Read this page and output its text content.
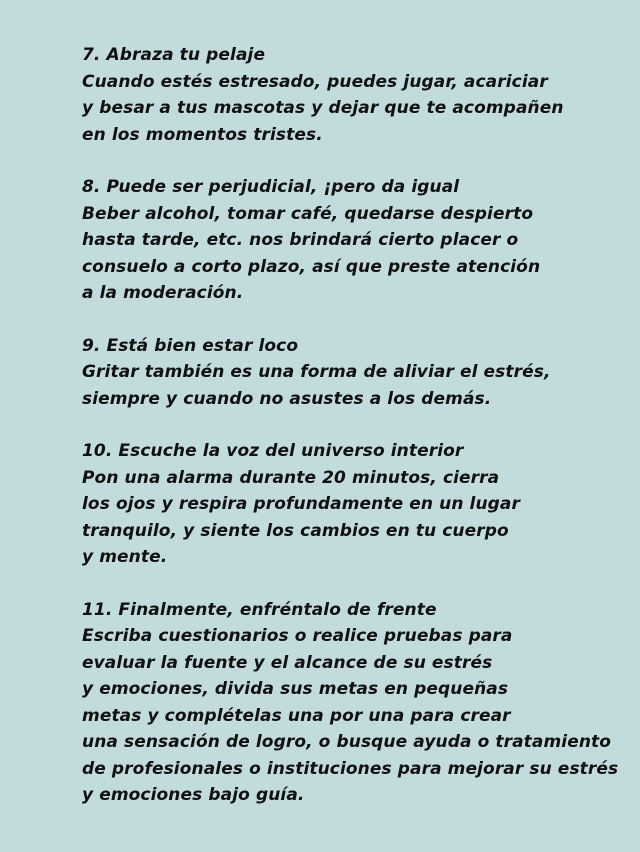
7. Abraza tu pelaje
Cuando estés estresado, puedes jugar, acariciar
y besar a tus mascotas y dejar que te acompañen
en los momentos tristes.
8. Puede ser perjudicial, ¡pero da igual
Beber alcohol, tomar café, quedarse despierto
hasta tarde, etc. nos brindará cierto placer o
consuelo a corto plazo, así que preste atención
a la moderación.
9. Está bien estar loco
Gritar también es una forma de aliviar el estrés,
siempre y cuando no asustes a los demás.
10. Escuche la voz del universo interior
Pon una alarma durante 20 minutos, cierra
los ojos y respira profundamente en un lugar
tranquilo, y siente los cambios en tu cuerpo
y mente.
11. Finalmente, enfréntalo de frente
Escriba cuestionarios o realice pruebas para
evaluar la fuente y el alcance de su estrés
y emociones, divida sus metas en pequeñas
metas y complételas una por una para crear
una sensación de logro, o busque ayuda o tratamiento
de profesionales o instituciones para mejorar su estrés
y emociones bajo guía.
